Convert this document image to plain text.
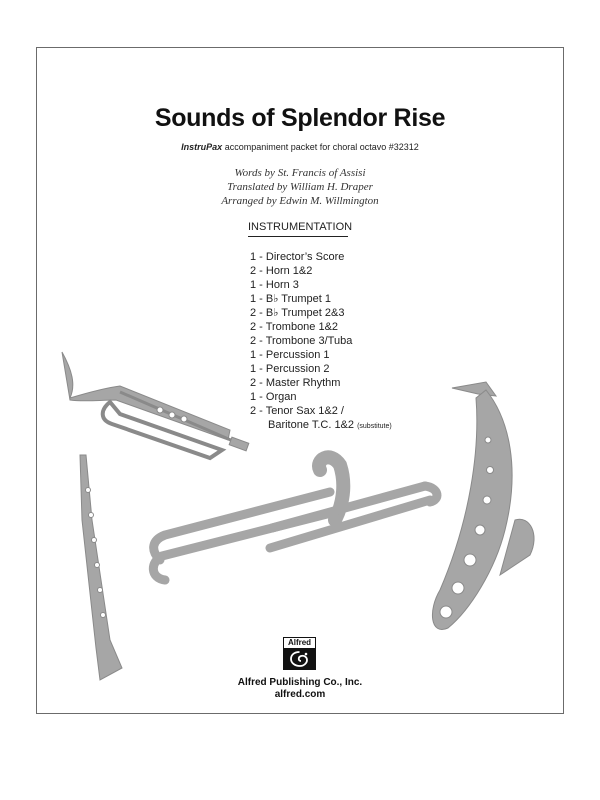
Sounds of Splendor Rise
InstruPax accompaniment packet for choral octavo #32312
Words by St. Francis of Assisi
Translated by William H. Draper
Arranged by Edwin M. Willmington
INSTRUMENTATION
1 - Director’s Score
2 - Horn 1&2
1 - Horn 3
1 - B♭ Trumpet 1
2 - B♭ Trumpet 2&3
2 - Trombone 1&2
2 - Trombone 3/Tuba
1 - Percussion 1
1 - Percussion 2
2 - Master Rhythm
1 - Organ
2 - Tenor Sax 1&2 /
Baritone T.C. 1&2 (substitute)
Alfred
Alfred Publishing Co., Inc.
alfred.com
